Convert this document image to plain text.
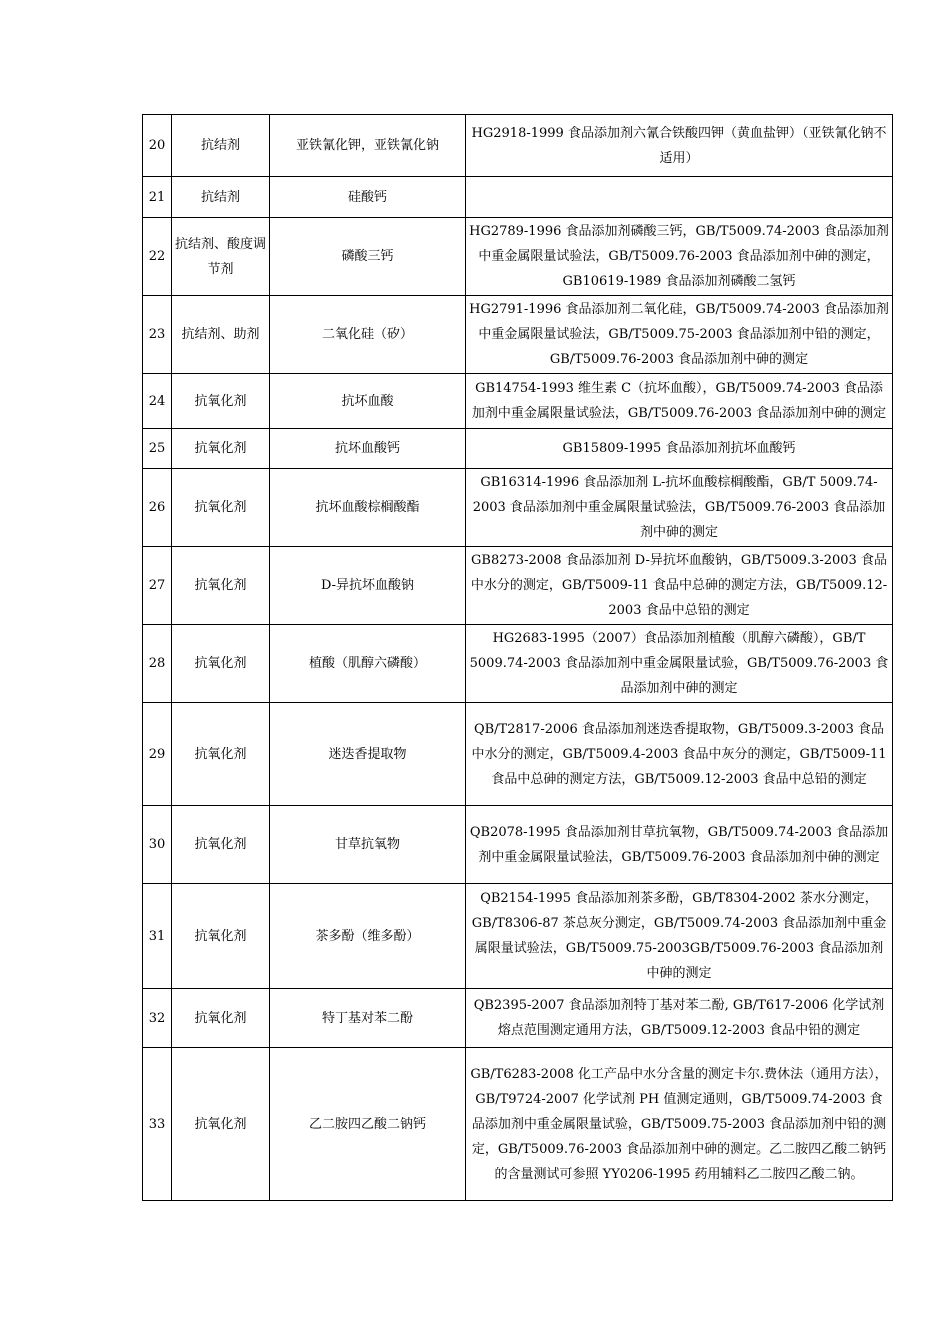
20	抗结剂	亚铁氰化钾，亚铁氰化钠	HG2918-1999 食品添加剂六氰合铁酸四钾（黄血盐钾）（亚铁氰化钠不适用）
21	抗结剂	硅酸钙	
22	抗结剂、酸度调节剂	磷酸三钙	HG2789-1996 食品添加剂磷酸三钙，GB/T5009.74-2003 食品添加剂中重金属限量试验法，GB/T5009.76-2003 食品添加剂中砷的测定，GB10619-1989 食品添加剂磷酸二氢钙
23	抗结剂、助剂	二氧化硅（矽）	HG2791-1996 食品添加剂二氧化硅，GB/T5009.74-2003 食品添加剂中重金属限量试验法，GB/T5009.75-2003 食品添加剂中铅的测定，GB/T5009.76-2003 食品添加剂中砷的测定
24	抗氧化剂	抗坏血酸	GB14754-1993 维生素 C（抗坏血酸），GB/T5009.74-2003 食品添加剂中重金属限量试验法，GB/T5009.76-2003 食品添加剂中砷的测定
25	抗氧化剂	抗坏血酸钙	GB15809-1995 食品添加剂抗坏血酸钙
26	抗氧化剂	抗坏血酸棕榈酸酯	GB16314-1996 食品添加剂 L-抗坏血酸棕榈酸酯，GB/T 5009.74-2003 食品添加剂中重金属限量试验法，GB/T5009.76-2003 食品添加剂中砷的测定
27	抗氧化剂	D-异抗坏血酸钠	GB8273-2008 食品添加剂 D-异抗坏血酸钠，GB/T5009.3-2003 食品中水分的测定，GB/T5009-11 食品中总砷的测定方法，GB/T5009.12-2003 食品中总铅的测定
28	抗氧化剂	植酸（肌醇六磷酸）	HG2683-1995（2007）食品添加剂植酸（肌醇六磷酸），GB/T 5009.74-2003 食品添加剂中重金属限量试验，GB/T5009.76-2003 食品添加剂中砷的测定
29	抗氧化剂	迷迭香提取物	QB/T2817-2006 食品添加剂迷迭香提取物，GB/T5009.3-2003 食品中水分的测定，GB/T5009.4-2003 食品中灰分的测定，GB/T5009-11 食品中总砷的测定方法，GB/T5009.12-2003 食品中总铅的测定
30	抗氧化剂	甘草抗氧物	QB2078-1995 食品添加剂甘草抗氧物，GB/T5009.74-2003 食品添加剂中重金属限量试验法，GB/T5009.76-2003 食品添加剂中砷的测定
31	抗氧化剂	茶多酚（维多酚）	QB2154-1995 食品添加剂茶多酚，GB/T8304-2002 茶水分测定，GB/T8306-87 茶总灰分测定，GB/T5009.74-2003 食品添加剂中重金属限量试验法，GB/T5009.75-2003GB/T5009.76-2003 食品添加剂中砷的测定
32	抗氧化剂	特丁基对苯二酚	QB2395-2007 食品添加剂特丁基对苯二酚, GB/T617-2006 化学试剂熔点范围测定通用方法，GB/T5009.12-2003 食品中铅的测定
33	抗氧化剂	乙二胺四乙酸二钠钙	GB/T6283-2008 化工产品中水分含量的测定卡尔.费休法（通用方法），GB/T9724-2007 化学试剂 PH 值测定通则，GB/T5009.74-2003 食品添加剂中重金属限量试验，GB/T5009.75-2003 食品添加剂中铅的测定，GB/T5009.76-2003 食品添加剂中砷的测定。乙二胺四乙酸二钠钙的含量测试可参照 YY0206-1995 药用辅料乙二胺四乙酸二钠。
